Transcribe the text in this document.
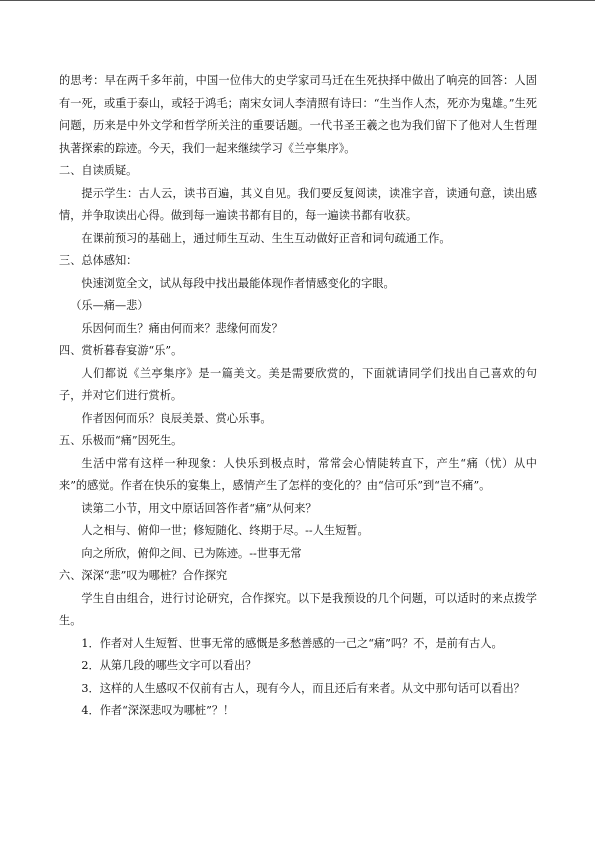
的思考：早在两千多年前，中国一位伟大的史学家司马迁在生死抉择中做出了响亮的回答：人固有一死，或重于泰山，或轻于鸿毛；南宋女词人李清照有诗曰：“生当作人杰，死亦为鬼雄。”生死问题，历来是中外文学和哲学所关注的重要话题。一代书圣王羲之也为我们留下了他对人生哲理执著探索的踪迹。今天，我们一起来继续学习《兰亭集序》。

二、自读质疑。

提示学生：古人云，读书百遍，其义自见。我们要反复阅读，读准字音，读通句意，读出感情，并争取读出心得。做到每一遍读书都有目的，每一遍读书都有收获。

在课前预习的基础上，通过师生互动、生生互动做好正音和词句疏通工作。

三、总体感知：

快速浏览全文，试从每段中找出最能体现作者情感变化的字眼。

（乐—痛—悲）

乐因何而生？痛由何而来？悲缘何而发？

四、赏析暮春宴游“乐”。

人们都说《兰亭集序》是一篇美文。美是需要欣赏的，下面就请同学们找出自己喜欢的句子，并对它们进行赏析。

作者因何而乐？良辰美景、赏心乐事。

五、乐极而“痛”因死生。

生活中常有这样一种现象：人快乐到极点时，常常会心情陡转直下，产生“痛（忧）从中来”的感觉。作者在快乐的宴集上，感情产生了怎样的变化的？由“信可乐”到“岂不痛”。

读第二小节，用文中原话回答作者“痛”从何来？

人之相与、俯仰一世；修短随化、终期于尽。--人生短暂。

向之所欣，俯仰之间、已为陈迹。--世事无常

六、深深“悲”叹为哪桩？合作探究

学生自由组合，进行讨论研究，合作探究。以下是我预设的几个问题，可以适时的来点拨学生。

1．作者对人生短暂、世事无常的感慨是多愁善感的一己之“痛”吗？不，是前有古人。

2．从第几段的哪些文字可以看出？

3．这样的人生感叹不仅前有古人，现有今人，而且还后有来者。从文中那句话可以看出？

4．作者“深深悲叹为哪桩”？！
